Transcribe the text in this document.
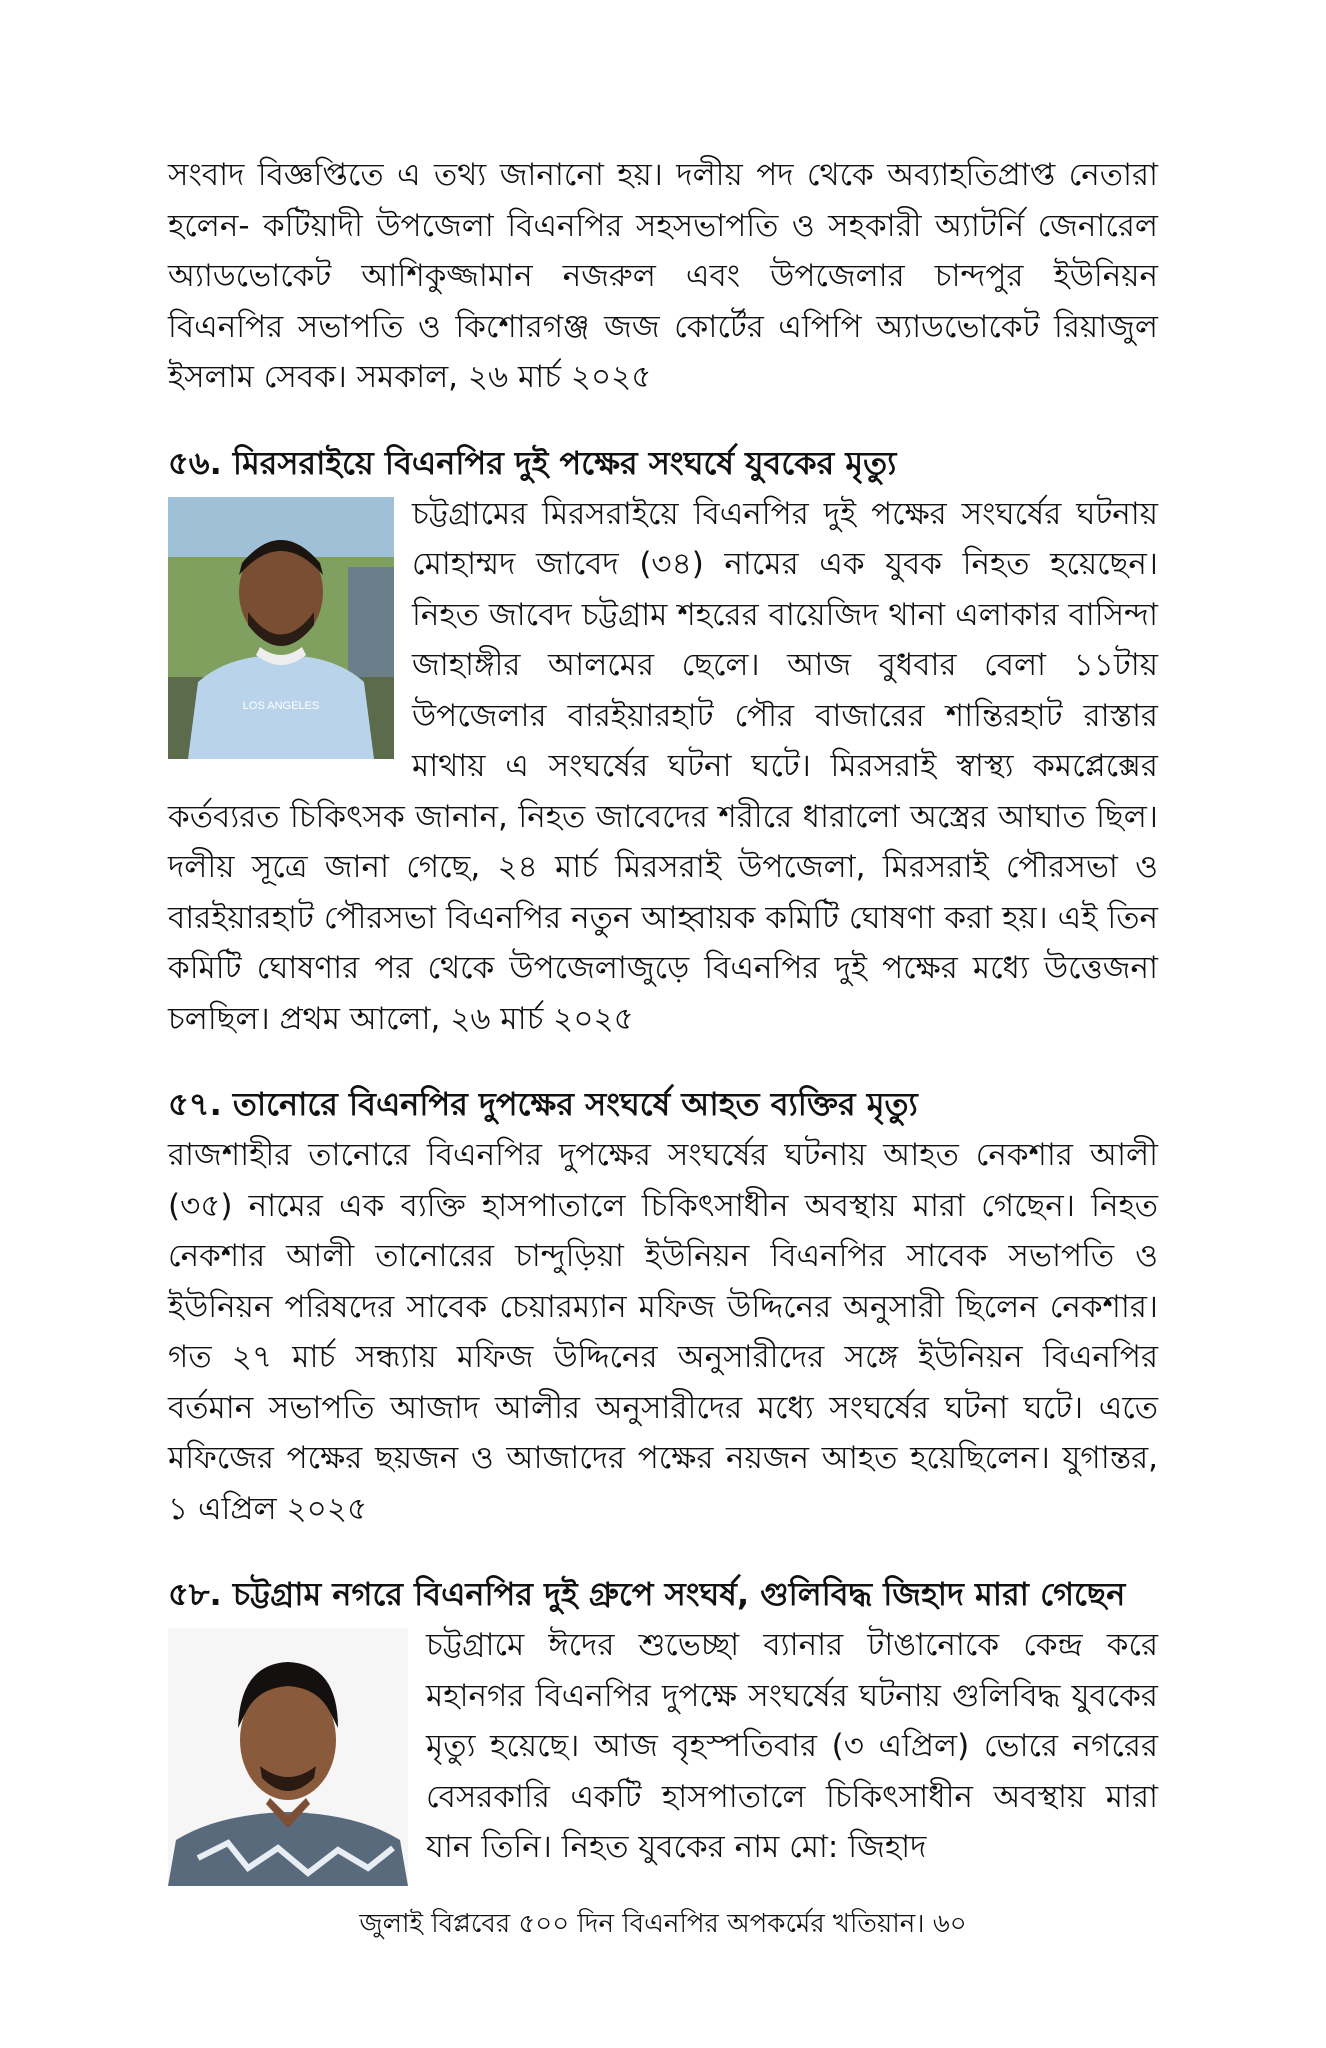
সংবাদ বিজ্ঞপ্তিতে এ তথ্য জানানো হয়। দলীয় পদ থেকে অব্যাহতিপ্রাপ্ত নেতারা হলেন- কটিয়াদী উপজেলা বিএনপির সহসভাপতি ও সহকারী অ্যাটর্নি জেনারেল অ্যাডভোকেট আশিকুজ্জামান নজরুল এবং উপজেলার চান্দপুর ইউনিয়ন বিএনপির সভাপতি ও কিশোরগঞ্জ জজ কোর্টের এপিপি অ্যাডভোকেট রিয়াজুল ইসলাম সেবক। সমকাল, ২৬ মার্চ ২০২৫

৫৬. মিরসরাইয়ে বিএনপির দুই পক্ষের সংঘর্ষে যুবকের মৃত্যু
LOS ANGELES

চট্টগ্রামের মিরসরাইয়ে বিএনপির দুই পক্ষের সংঘর্ষের ঘটনায় মোহাম্মদ জাবেদ (৩৪) নামের এক যুবক নিহত হয়েছেন। নিহত জাবেদ চট্টগ্রাম শহরের বায়েজিদ থানা এলাকার বাসিন্দা জাহাঙ্গীর আলমের ছেলে। আজ বুধবার বেলা ১১টায় উপজেলার বারইয়ারহাট পৌর বাজারের শান্তিরহাট রাস্তার মাথায় এ সংঘর্ষের ঘটনা ঘটে। মিরসরাই স্বাস্থ্য কমপ্লেক্সের কর্তব্যরত চিকিৎসক জানান, নিহত জাবেদের শরীরে ধারালো অস্ত্রের আঘাত ছিল। দলীয় সূত্রে জানা গেছে, ২৪ মার্চ মিরসরাই উপজেলা, মিরসরাই পৌরসভা ও বারইয়ারহাট পৌরসভা বিএনপির নতুন আহ্বায়ক কমিটি ঘোষণা করা হয়। এই তিন কমিটি ঘোষণার পর থেকে উপজেলাজুড়ে বিএনপির দুই পক্ষের মধ্যে উত্তেজনা চলছিল। প্রথম আলো, ২৬ মার্চ ২০২৫

৫৭. তানোরে বিএনপির দুপক্ষের সংঘর্ষে আহত ব্যক্তির মৃত্যু

রাজশাহীর তানোরে বিএনপির দুপক্ষের সংঘর্ষের ঘটনায় আহত নেকশার আলী (৩৫) নামের এক ব্যক্তি হাসপাতালে চিকিৎসাধীন অবস্থায় মারা গেছেন। নিহত নেকশার আলী তানোরের চান্দুড়িয়া ইউনিয়ন বিএনপির সাবেক সভাপতি ও ইউনিয়ন পরিষদের সাবেক চেয়ারম্যান মফিজ উদ্দিনের অনুসারী ছিলেন নেকশার। গত ২৭ মার্চ সন্ধ্যায় মফিজ উদ্দিনের অনুসারীদের সঙ্গে ইউনিয়ন বিএনপির বর্তমান সভাপতি আজাদ আলীর অনুসারীদের মধ্যে সংঘর্ষের ঘটনা ঘটে। এতে মফিজের পক্ষের ছয়জন ও আজাদের পক্ষের নয়জন আহত হয়েছিলেন। যুগান্তর, ১ এপ্রিল ২০২৫

৫৮. চট্টগ্রাম নগরে বিএনপির দুই গ্রুপে সংঘর্ষ, গুলিবিদ্ধ জিহাদ মারা গেছেন

চট্টগ্রামে ঈদের শুভেচ্ছা ব্যানার টাঙানোকে কেন্দ্র করে মহানগর বিএনপির দুপক্ষে সংঘর্ষের ঘটনায় গুলিবিদ্ধ যুবকের মৃত্যু হয়েছে। আজ বৃহস্পতিবার (৩ এপ্রিল) ভোরে নগরের বেসরকারি একটি হাসপাতালে চিকিৎসাধীন অবস্থায় মারা যান তিনি। নিহত যুবকের নাম মো: জিহাদ

জুলাই বিপ্লবের ৫০০ দিন বিএনপির অপকর্মের খতিয়ান। ৬০
